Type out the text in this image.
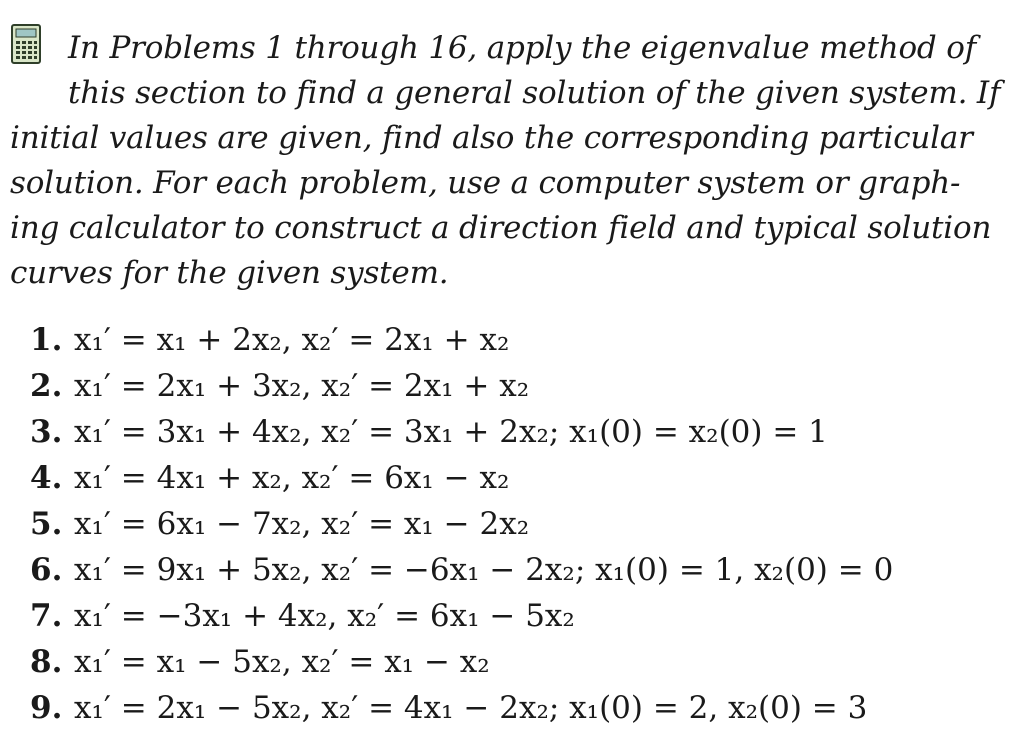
In Problems 1 through 16, apply the eigenvalue method of
this section to find a general solution of the given system. If
initial values are given, find also the corresponding particular
solution. For each problem, use a computer system or graph-
ing calculator to construct a direction field and typical solution
curves for the given system.
1. x₁′ = x₁ + 2x₂, x₂′ = 2x₁ + x₂
2. x₁′ = 2x₁ + 3x₂, x₂′ = 2x₁ + x₂
3. x₁′ = 3x₁ + 4x₂, x₂′ = 3x₁ + 2x₂; x₁(0) = x₂(0) = 1
4. x₁′ = 4x₁ + x₂, x₂′ = 6x₁ − x₂
5. x₁′ = 6x₁ − 7x₂, x₂′ = x₁ − 2x₂
6. x₁′ = 9x₁ + 5x₂, x₂′ = −6x₁ − 2x₂; x₁(0) = 1, x₂(0) = 0
7. x₁′ = −3x₁ + 4x₂, x₂′ = 6x₁ − 5x₂
8. x₁′ = x₁ − 5x₂, x₂′ = x₁ − x₂
9. x₁′ = 2x₁ − 5x₂, x₂′ = 4x₁ − 2x₂; x₁(0) = 2, x₂(0) = 3
